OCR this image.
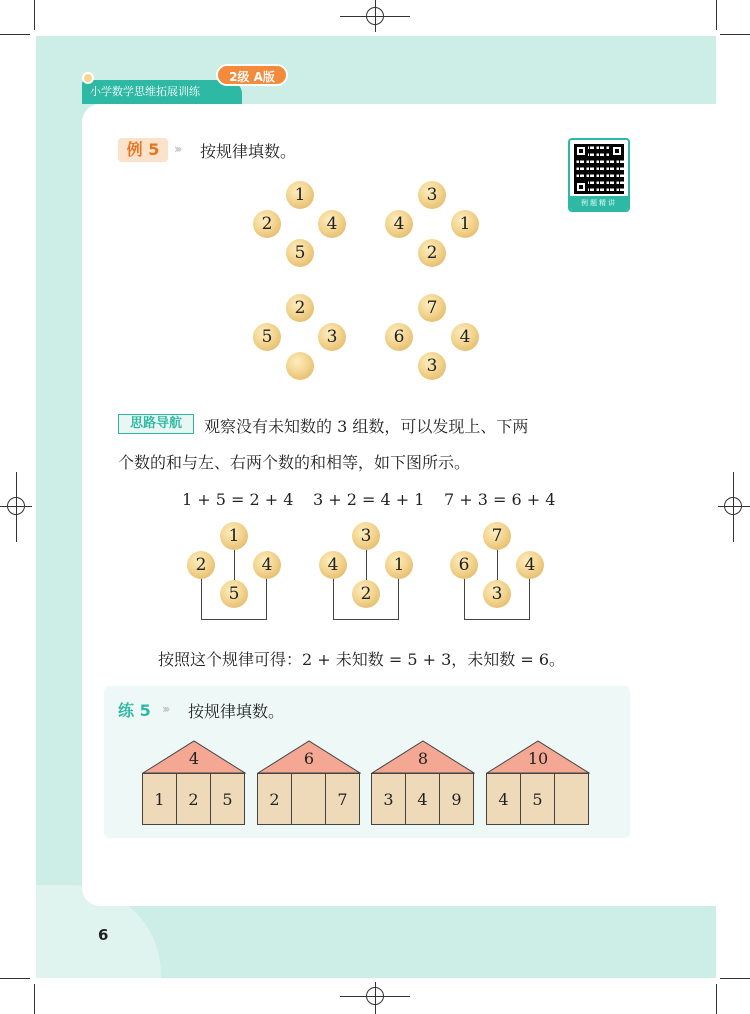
小学数学思维拓展训练
2级 A版
例 5	››› 按规律填数。
例题精讲
1
2	4
5
3
4	1
2
2
5	3
7
6	4
3
思路导航	观察没有未知数的 3 组数，可以发现上、下两
个数的和与左、右两个数的和相等，如下图所示。
1 + 5 = 2 + 4 3 + 2 = 4 + 1 7 + 3 = 6 + 4
1
2	4
5
3
4	1
2
7
6	4
3
按照这个规律可得：2 + 未知数 = 5 + 3，未知数 = 6。
练 5 ››› 按规律填数。
4
1	2	5
6
2	7
8
3	4	9
10
4	5
6
